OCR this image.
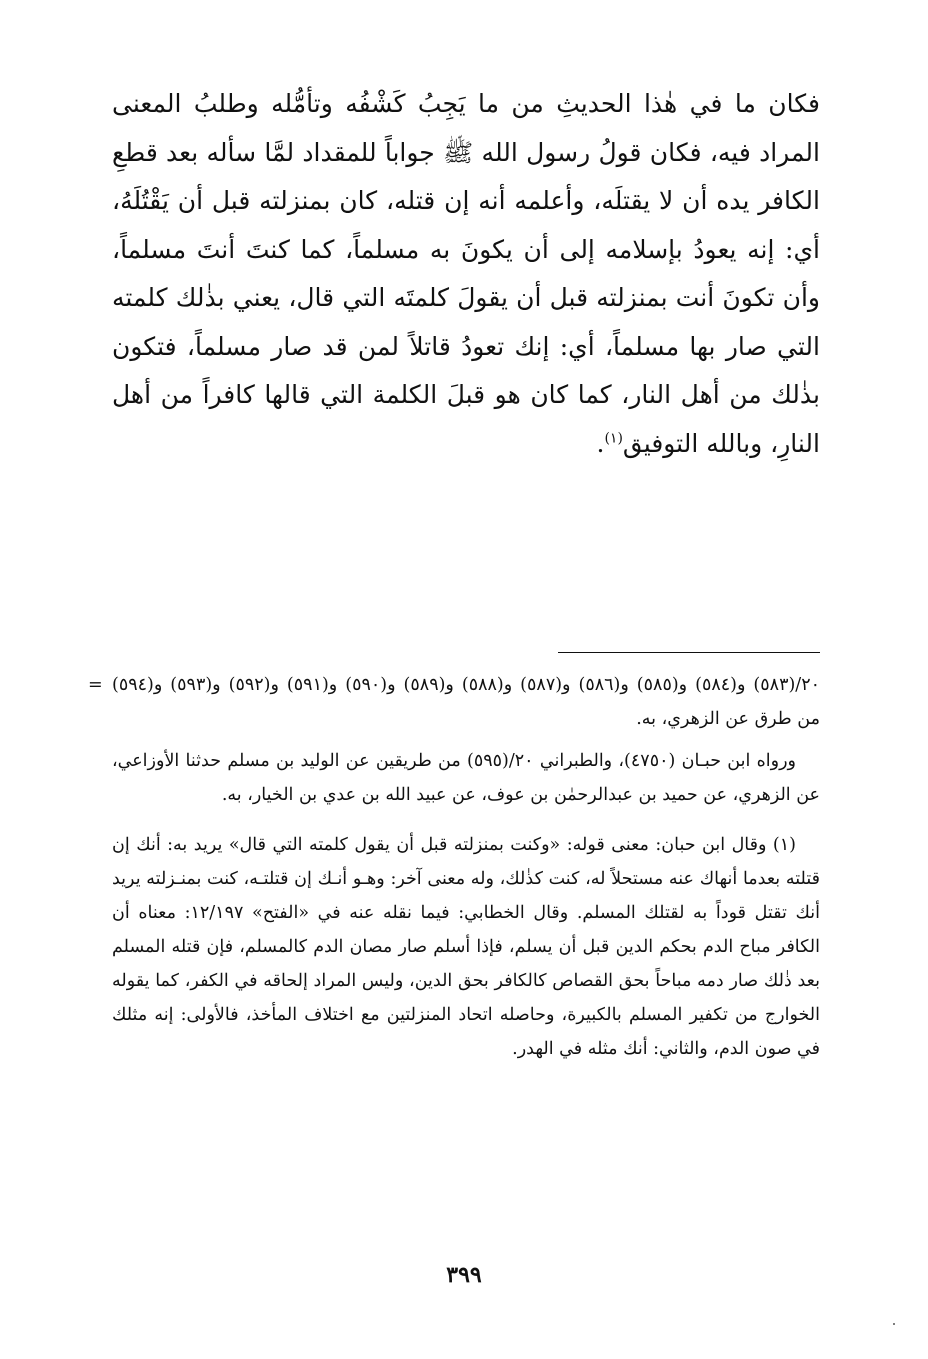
فكان ما في هٰذا الحديثِ من ما يَجِبُ كَشْفُه وتأمُّله وطلبُ المعنى المراد فيه، فكان قولُ رسول الله ﷺ جواباً للمقداد لمَّا سأله بعد قطعِ الكافر يده أن لا يقتلَه، وأعلمه أنه إن قتله، كان بمنزلته قبل أن يَقْتُلَهُ، أي: إنه يعودُ بإسلامه إلى أن يكونَ به مسلماً، كما كنتَ أنتَ مسلماً، وأن تكونَ أنت بمنزلته قبل أن يقولَ كلمتَه التي قال، يعني بذٰلك كلمته التي صار بها مسلماً، أي: إنك تعودُ قاتلاً لمن قد صار مسلماً، فتكون بذٰلك من أهل النار، كما كان هو قبلَ الكلمة التي قالها كافراً من أهل النارِ، وبالله التوفيق$^{(١)}$.

= ٢٠/(٥٨٣) و(٥٨٤) و(٥٨٥) و(٥٨٦) و(٥٨٧) و(٥٨٨) و(٥٨٩) و(٥٩٠) و(٥٩١) و(٥٩٢) و(٥٩٣) و(٥٩٤) من طرق عن الزهري، به.

ورواه ابن حبـان (٤٧٥٠)، والطبراني ٢٠/(٥٩٥) من طريقين عن الوليد بن مسلم حدثنا الأوزاعي، عن الزهري، عن حميد بن عبدالرحمٰن بن عوف، عن عبيد الله بن عدي بن الخيار، به.

(١) وقال ابن حبان: معنى قوله: «وكنت بمنزلته قبل أن يقول كلمته التي قال» يريد به: أنك إن قتلته بعدما أنهاك عنه مستحلاً له، كنت كذٰلك، وله معنى آخر: وهـو أنـك إن قتلتـه، كنت بمنـزلته يريد أنك تقتل قوداً به لقتلك المسلم. وقال الخطابي: فيما نقله عنه في «الفتح» ١٢/١٩٧: معناه أن الكافر مباح الدم بحكم الدين قبل أن يسلم، فإذا أسلم صار مصان الدم كالمسلم، فإن قتله المسلم بعد ذٰلك صار دمه مباحاً بحق القصاص كالكافر بحق الدين، وليس المراد إلحاقه في الكفر، كما يقوله الخوارج من تكفير المسلم بالكبيرة، وحاصله اتحاد المنزلتين مع اختلاف المأخذ، فالأولى: إنه مثلك في صون الدم، والثاني: أنك مثله في الهدر.

٣٩٩
